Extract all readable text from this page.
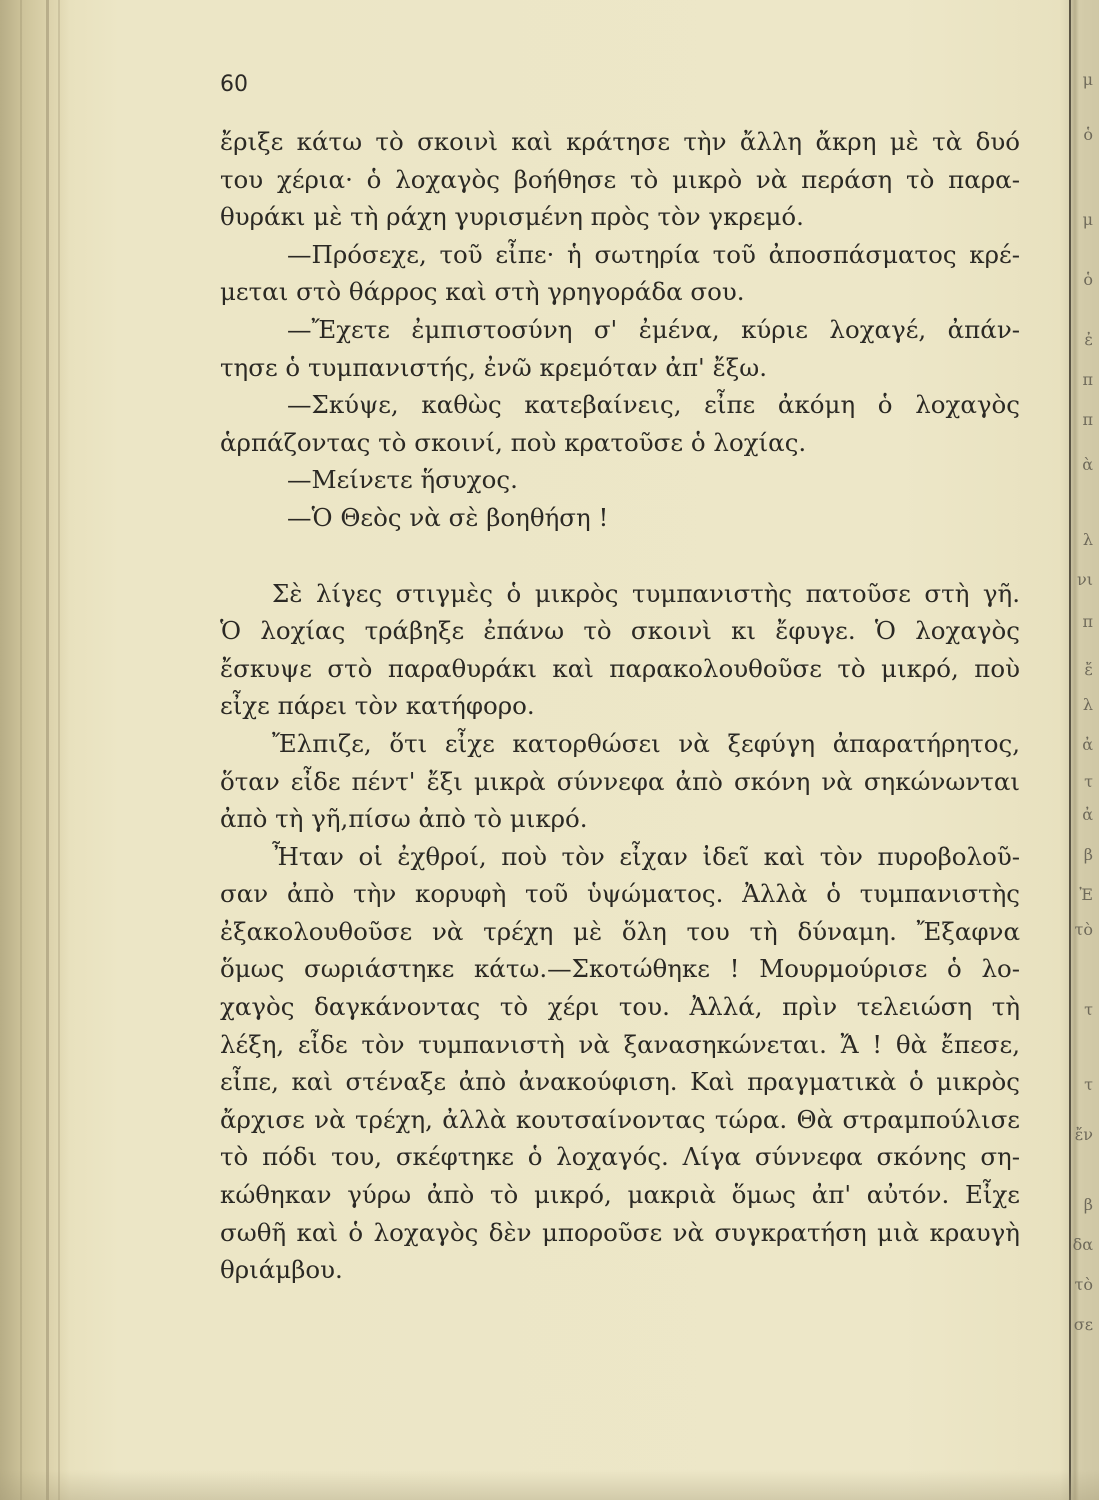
μ
ὁ
μ
ὁ
ἐ
π
π
ὰ
λ
νι
π
ἔ
λ
ἀ
τ
ἀ
β
Ἐ
τὸ
τ
τ
ἔν
β
δα
τὸ
σε
60
ἔριξε κάτω τὸ σκοινὶ καὶ κράτησε τὴν ἄλλη ἄκρη μὲ τὰ δυό
του χέρια· ὁ λοχαγὸς βοήθησε τὸ μικρὸ νὰ περάση τὸ παρα-
θυράκι μὲ τὴ ράχη γυρισμένη πρὸς τὸν γκρεμό.
—Πρόσεχε, τοῦ εἶπε· ἡ σωτηρία τοῦ ἀποσπάσματος κρέ-
μεται στὸ θάρρος καὶ στὴ γρηγοράδα σου.
—Ἔχετε ἐμπιστοσύνη σ' ἐμένα, κύριε λοχαγέ, ἀπάν-
τησε ὁ τυμπανιστής, ἐνῶ κρεμόταν ἀπ' ἔξω.
—Σκύψε, καθὼς κατεβαίνεις, εἶπε ἀκόμη ὁ λοχαγὸς
ἁρπάζοντας τὸ σκοινί, ποὺ κρατοῦσε ὁ λοχίας.
—Μείνετε ἥσυχος.
—Ὁ Θεὸς νὰ σὲ βοηθήση !
Σὲ λίγες στιγμὲς ὁ μικρὸς τυμπανιστὴς πατοῦσε στὴ γῆ.
Ὁ λοχίας τράβηξε ἐπάνω τὸ σκοινὶ κι ἔφυγε. Ὁ λοχαγὸς
ἔσκυψε στὸ παραθυράκι καὶ παρακολουθοῦσε τὸ μικρό, ποὺ
εἶχε πάρει τὸν κατήφορο.
Ἔλπιζε, ὅτι εἶχε κατορθώσει νὰ ξεφύγη ἀπαρατήρητος,
ὅταν εἶδε πέντ' ἔξι μικρὰ σύννεφα ἀπὸ σκόνη νὰ σηκώνωνται
ἀπὸ τὴ γῆ,πίσω ἀπὸ τὸ μικρό.
Ἦταν οἱ ἐχθροί, ποὺ τὸν εἶχαν ἰδεῖ καὶ τὸν πυροβολοῦ-
σαν ἀπὸ τὴν κορυφὴ τοῦ ὑψώματος. Ἀλλὰ ὁ τυμπανιστὴς
ἐξακολουθοῦσε νὰ τρέχη μὲ ὅλη του τὴ δύναμη. Ἔξαφνα
ὅμως σωριάστηκε κάτω.—Σκοτώθηκε ! Μουρμούρισε ὁ λο-
χαγὸς δαγκάνοντας τὸ χέρι του. Ἀλλά, πρὶν τελειώση τὴ
λέξη, εἶδε τὸν τυμπανιστὴ νὰ ξανασηκώνεται. Ἄ ! θὰ ἔπεσε,
εἶπε, καὶ στέναξε ἀπὸ ἀνακούφιση. Καὶ πραγματικὰ ὁ μικρὸς
ἄρχισε νὰ τρέχη, ἀλλὰ κουτσαίνοντας τώρα. Θὰ στραμπούλισε
τὸ πόδι του, σκέφτηκε ὁ λοχαγός. Λίγα σύννεφα σκόνης ση-
κώθηκαν γύρω ἀπὸ τὸ μικρό, μακριὰ ὅμως ἀπ' αὐτόν. Εἶχε
σωθῆ καὶ ὁ λοχαγὸς δὲν μποροῦσε νὰ συγκρατήση μιὰ κραυγὴ
θριάμβου.
